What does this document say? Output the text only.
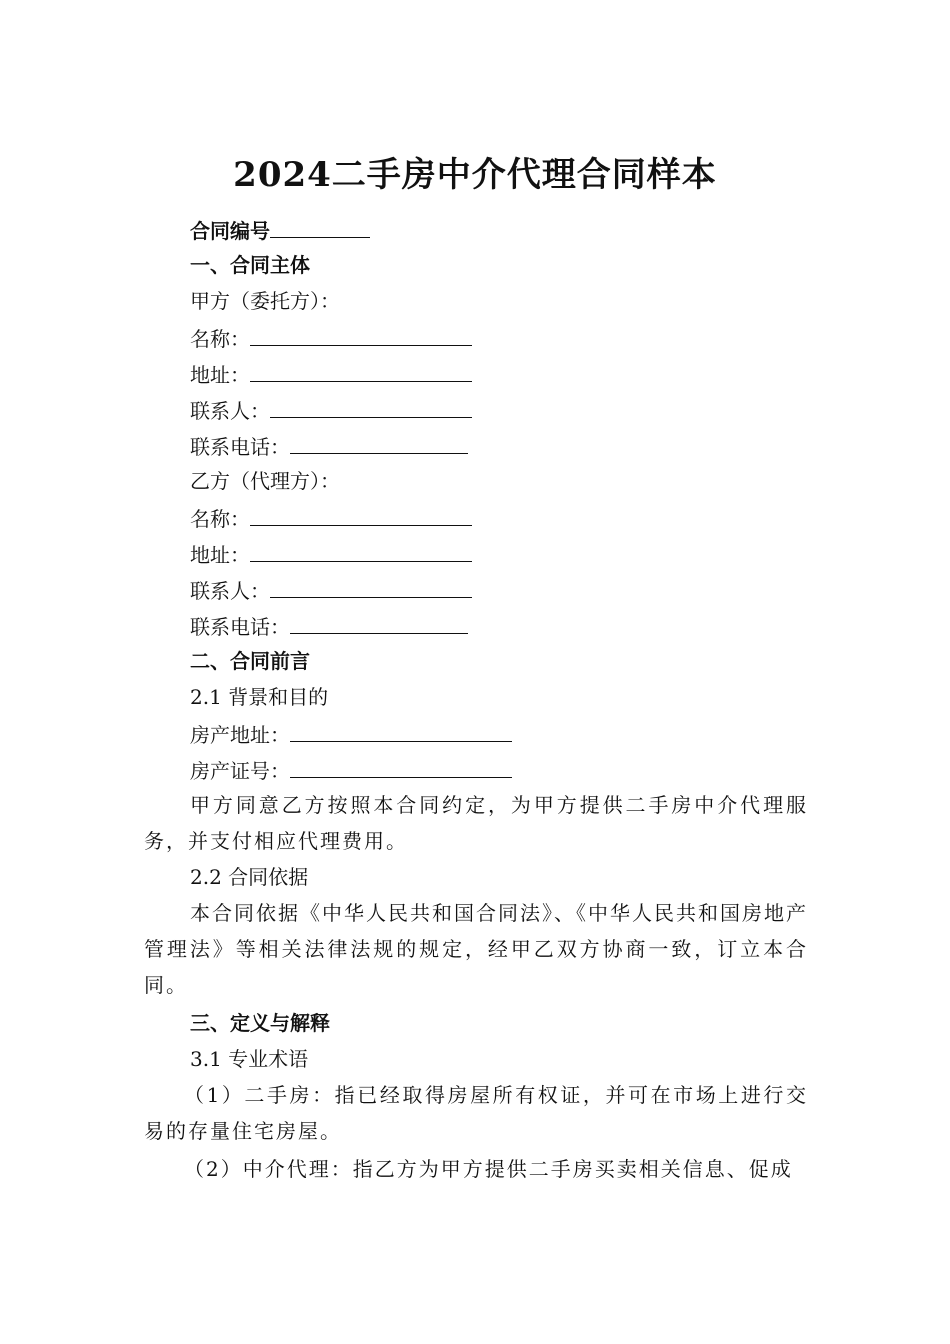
2024二手房中介代理合同样本
合同编号
一、合同主体
甲方（委托方）：
名称：
地址：
联系人：
联系电话：
乙方（代理方）：
名称：
地址：
联系人：
联系电话：
二、合同前言
2.1 背景和目的
房产地址：
房产证号：
甲方同意乙方按照本合同约定，为甲方提供二手房中介代理服务，并支付相应代理费用。
2.2 合同依据
本合同依据《中华人民共和国合同法》、《中华人民共和国房地产管理法》等相关法律法规的规定，经甲乙双方协商一致，订立本合同。
三、定义与解释
3.1 专业术语
（1）二手房：指已经取得房屋所有权证，并可在市场上进行交易的存量住宅房屋。
（2）中介代理：指乙方为甲方提供二手房买卖相关信息、促成
